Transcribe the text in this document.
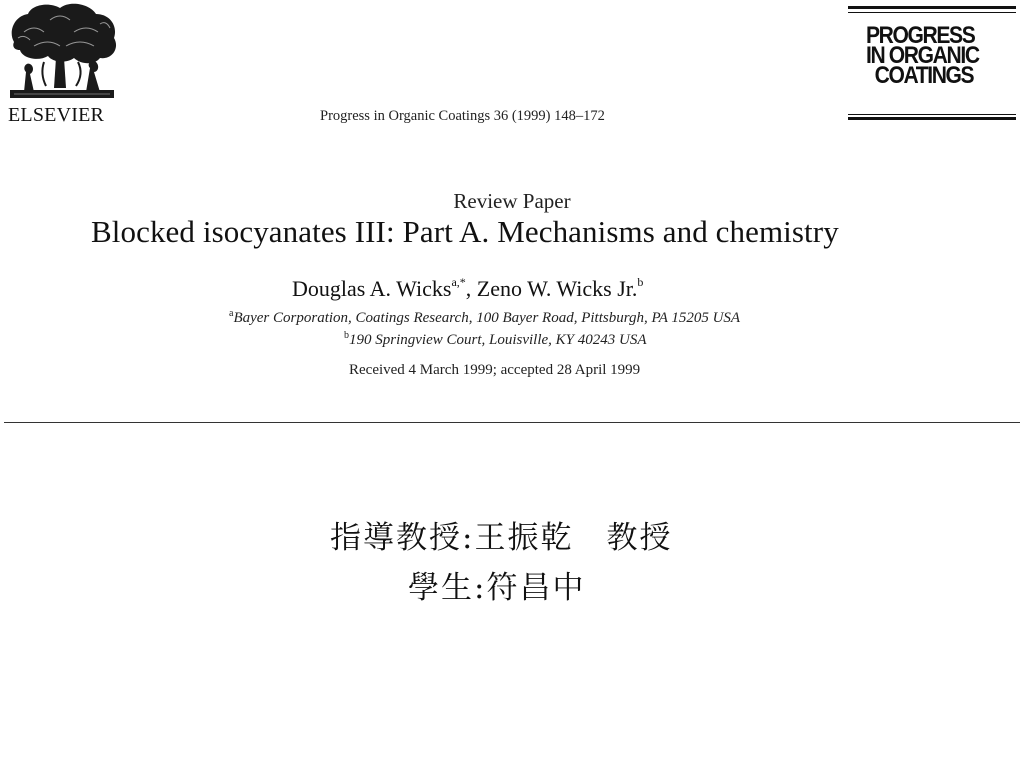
ELSEVIER	Progress in Organic Coatings 36 (1999) 148–172
PROGRESS
IN ORGANIC
COATINGS
Review Paper
Blocked isocyanates III: Part A. Mechanisms and chemistry
Douglas A. Wicks$^{a,*}$, Zeno W. Wicks Jr.$^b$
$^a$Bayer Corporation, Coatings Research, 100 Bayer Road, Pittsburgh, PA 15205 USA
$^b$190 Springview Court, Louisville, KY 40243 USA
Received 4 March 1999; accepted 28 April 1999
指導教授:王振乾　教授
學生:符昌中
